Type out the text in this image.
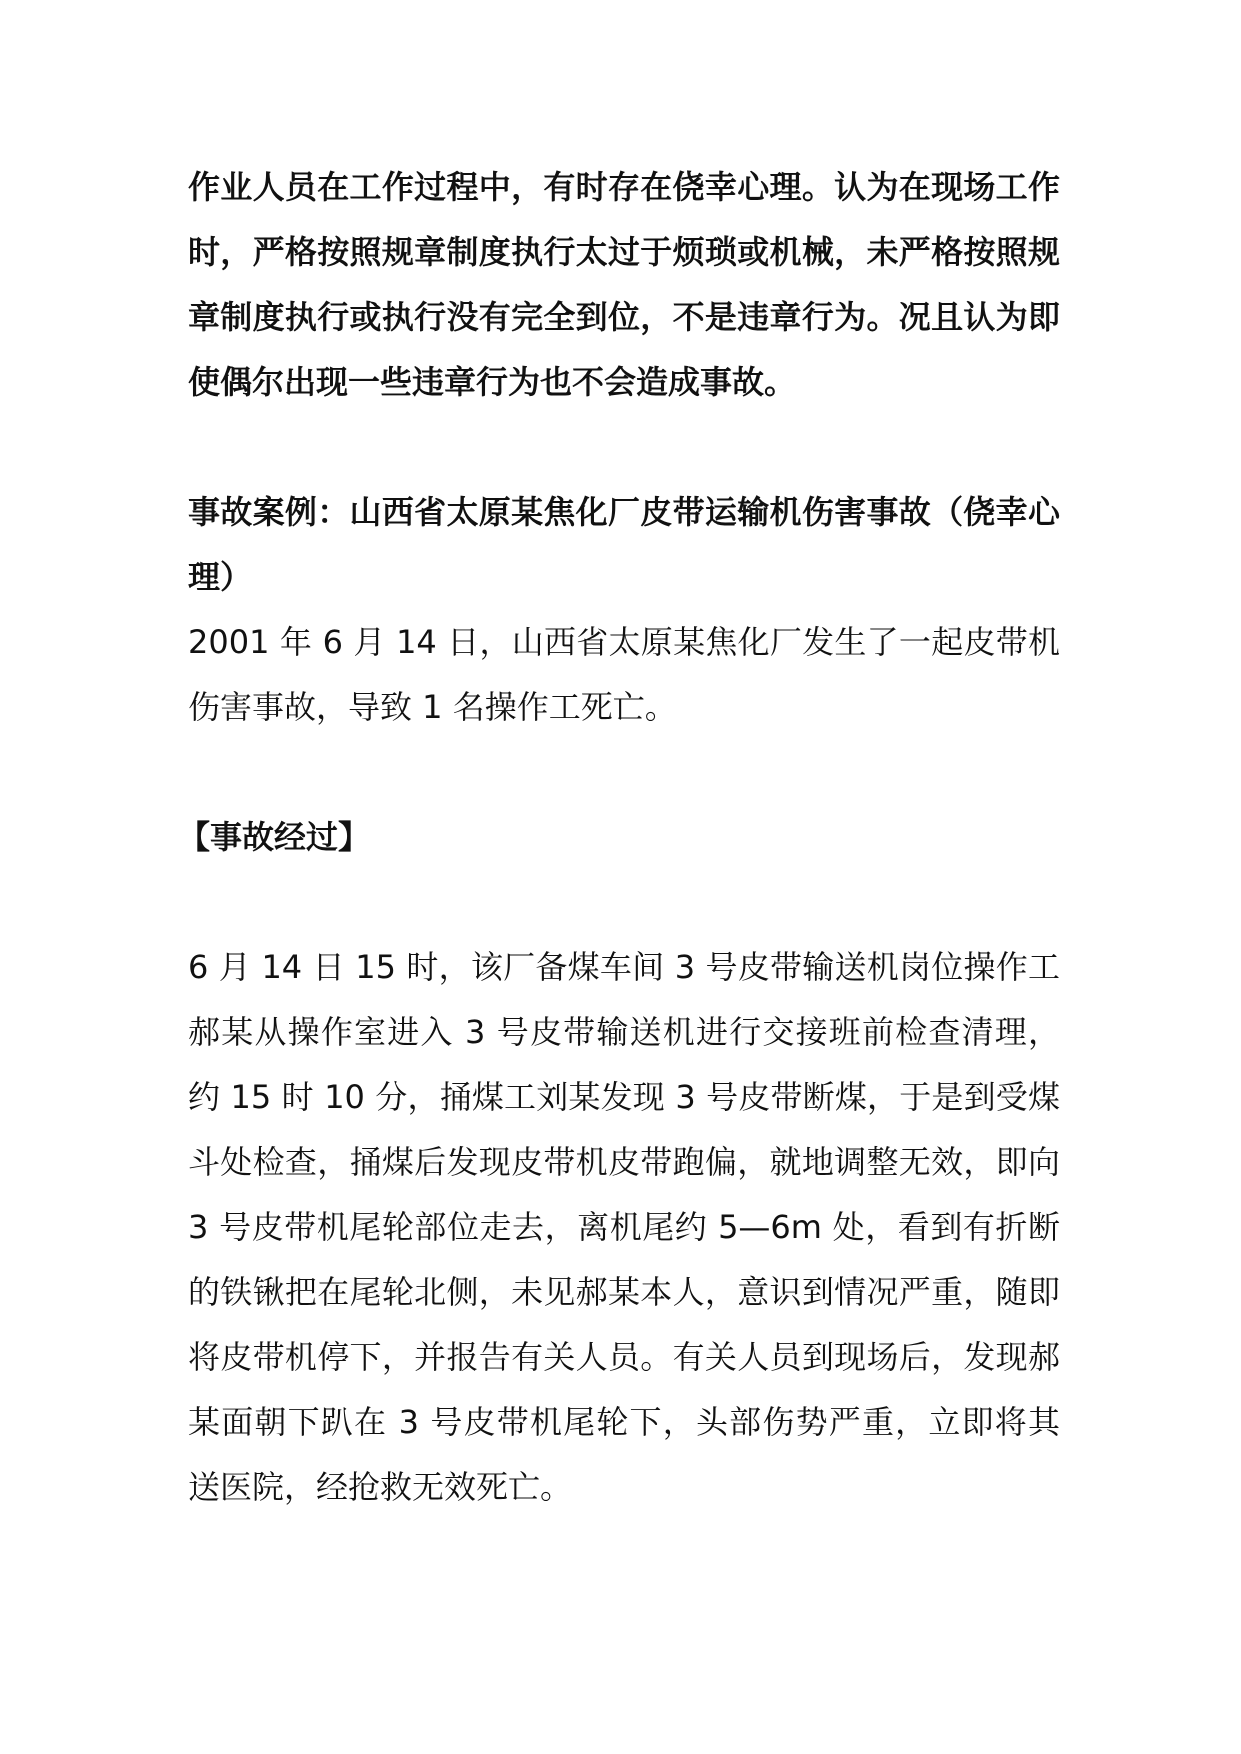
作业人员在工作过程中，有时存在侥幸心理。认为在现场工作时，严格按照规章制度执行太过于烦琐或机械，未严格按照规章制度执行或执行没有完全到位，不是违章行为。况且认为即使偶尔出现一些违章行为也不会造成事故。

事故案例：山西省太原某焦化厂皮带运输机伤害事故（侥幸心理）

2001 年 6 月 14 日，山西省太原某焦化厂发生了一起皮带机伤害事故，导致 1 名操作工死亡。

【事故经过】

6 月 14 日 15 时，该厂备煤车间 3 号皮带输送机岗位操作工郝某从操作室进入 3 号皮带输送机进行交接班前检查清理，约 15 时 10 分，捅煤工刘某发现 3 号皮带断煤，于是到受煤斗处检查，捅煤后发现皮带机皮带跑偏，就地调整无效，即向 3 号皮带机尾轮部位走去，离机尾约 5—6m 处，看到有折断的铁锹把在尾轮北侧，未见郝某本人，意识到情况严重，随即将皮带机停下，并报告有关人员。有关人员到现场后，发现郝某面朝下趴在 3 号皮带机尾轮下，头部伤势严重，立即将其送医院，经抢救无效死亡。
